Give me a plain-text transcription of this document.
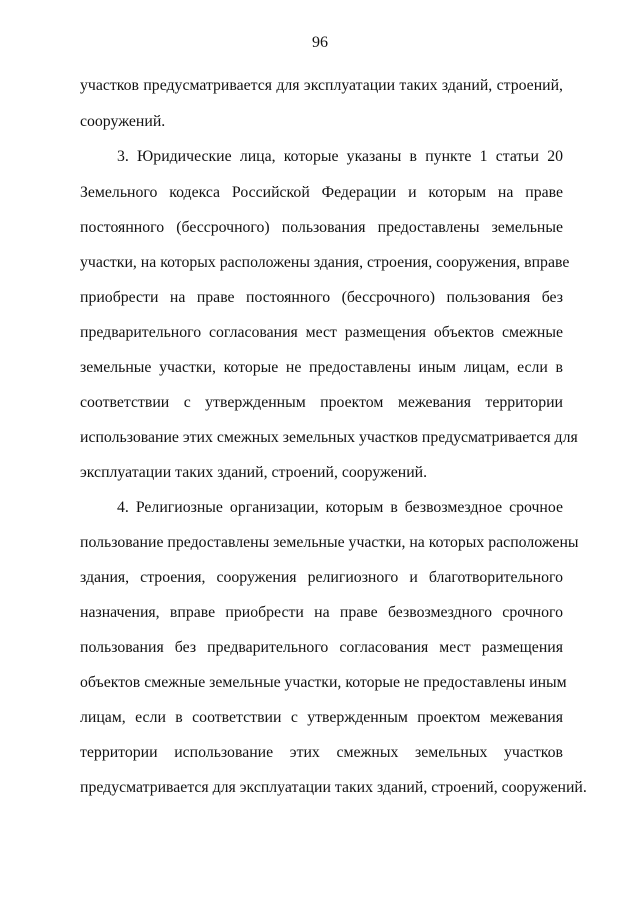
96
участков предусматривается для эксплуатации таких зданий, строений,
сооружений.
3. Юридические лица, которые указаны в пункте 1 статьи 20
Земельного кодекса Российской Федерации и которым на праве
постоянного (бессрочного) пользования предоставлены земельные
участки, на которых расположены здания, строения, сооружения, вправе
приобрести на праве постоянного (бессрочного) пользования без
предварительного согласования мест размещения объектов смежные
земельные участки, которые не предоставлены иным лицам, если в
соответствии с утвержденным проектом межевания территории
использование этих смежных земельных участков предусматривается для
эксплуатации таких зданий, строений, сооружений.
4. Религиозные организации, которым в безвозмездное срочное
пользование предоставлены земельные участки, на которых расположены
здания, строения, сооружения религиозного и благотворительного
назначения, вправе приобрести на праве безвозмездного срочного
пользования без предварительного согласования мест размещения
объектов смежные земельные участки, которые не предоставлены иным
лицам, если в соответствии с утвержденным проектом межевания
территории использование этих смежных земельных участков
предусматривается для эксплуатации таких зданий, строений, сооружений.
